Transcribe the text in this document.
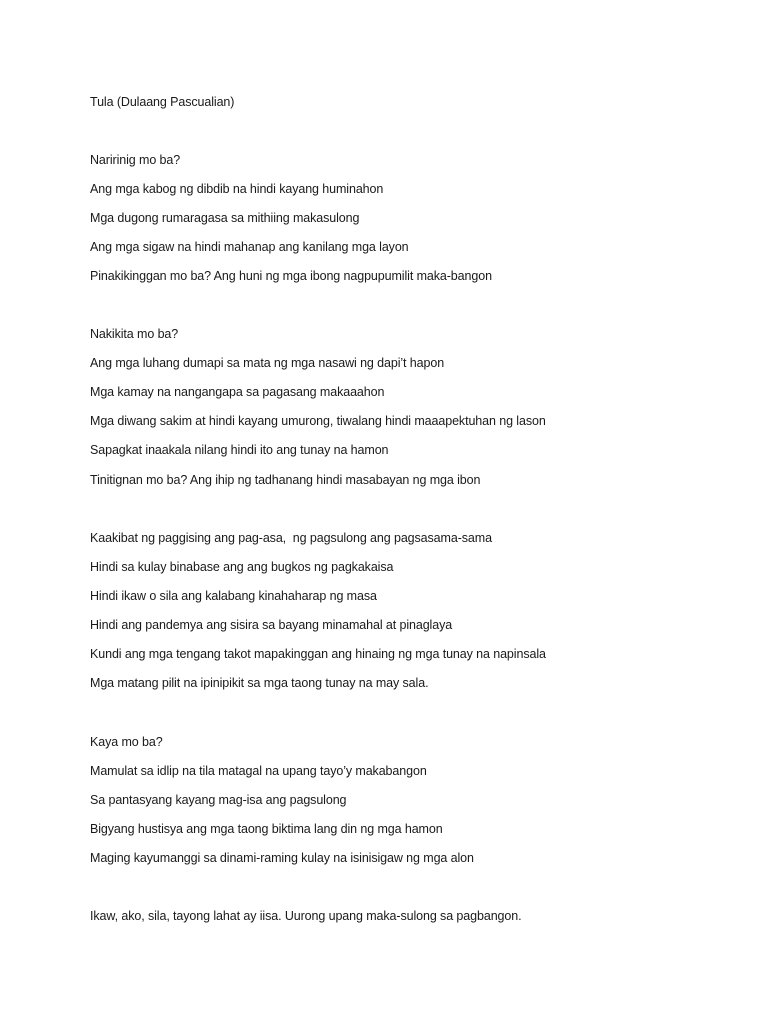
Tula (Dulaang Pascualian)

Naririnig mo ba?

Ang mga kabog ng dibdib na hindi kayang huminahon

Mga dugong rumaragasa sa mithiing makasulong

Ang mga sigaw na hindi mahanap ang kanilang mga layon

Pinakikinggan mo ba? Ang huni ng mga ibong nagpupumilit maka-bangon

Nakikita mo ba?

Ang mga luhang dumapi sa mata ng mga nasawi ng dapi’t hapon

Mga kamay na nangangapa sa pagasang makaaahon

Mga diwang sakim at hindi kayang umurong, tiwalang hindi maaapektuhan ng lason

Sapagkat inaakala nilang hindi ito ang tunay na hamon

Tinitignan mo ba? Ang ihip ng tadhanang hindi masabayan ng mga ibon

Kaakibat ng paggising ang pag-asa,  ng pagsulong ang pagsasama-sama

Hindi sa kulay binabase ang ang bugkos ng pagkakaisa

Hindi ikaw o sila ang kalabang kinahaharap ng masa

Hindi ang pandemya ang sisira sa bayang minamahal at pinaglaya

Kundi ang mga tengang takot mapakinggan ang hinaing ng mga tunay na napinsala

Mga matang pilit na ipinipikit sa mga taong tunay na may sala.

Kaya mo ba?

Mamulat sa idlip na tila matagal na upang tayo’y makabangon

Sa pantasyang kayang mag-isa ang pagsulong

Bigyang hustisya ang mga taong biktima lang din ng mga hamon

Maging kayumanggi sa dinami-raming kulay na isinisigaw ng mga alon

Ikaw, ako, sila, tayong lahat ay iisa. Uurong upang maka-sulong sa pagbangon.
